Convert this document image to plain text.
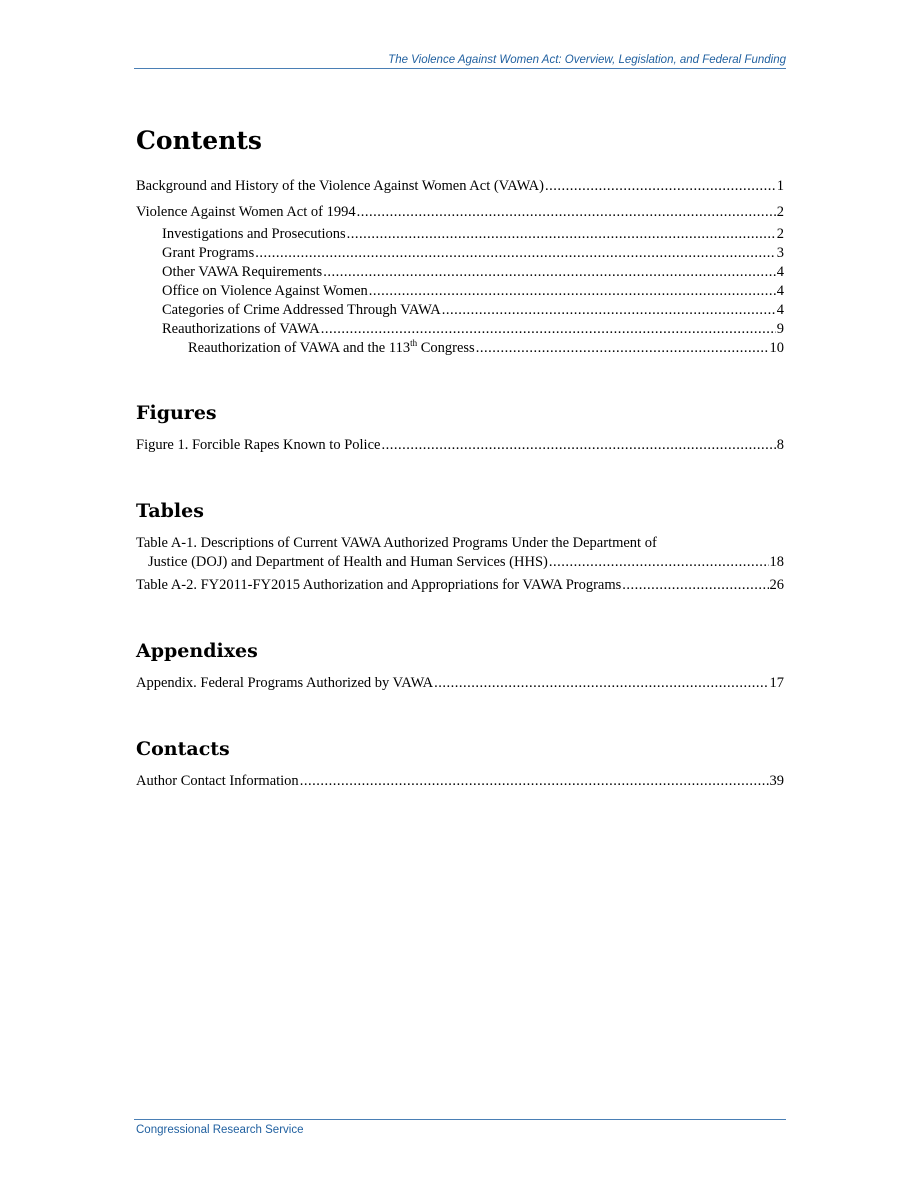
The Violence Against Women Act: Overview, Legislation, and Federal Funding
Contents
Background and History of the Violence Against Women Act (VAWA) .....	1
Violence Against Women Act of 1994 .....	2
Investigations and Prosecutions .....	2
Grant Programs .....	3
Other VAWA Requirements .....	4
Office on Violence Against Women .....	4
Categories of Crime Addressed Through VAWA .....	4
Reauthorizations of VAWA .....	9
Reauthorization of VAWA and the 113th Congress .....	10
Figures
Figure 1. Forcible Rapes Known to Police .....	8
Tables
Table A-1. Descriptions of Current VAWA Authorized Programs Under the Department of
Justice (DOJ) and Department of Health and Human Services (HHS) .....	18
Table A-2. FY2011-FY2015 Authorization and Appropriations for VAWA Programs .....	26
Appendixes
Appendix. Federal Programs Authorized by VAWA .....	17
Contacts
Author Contact Information .....	39
Congressional Research Service
